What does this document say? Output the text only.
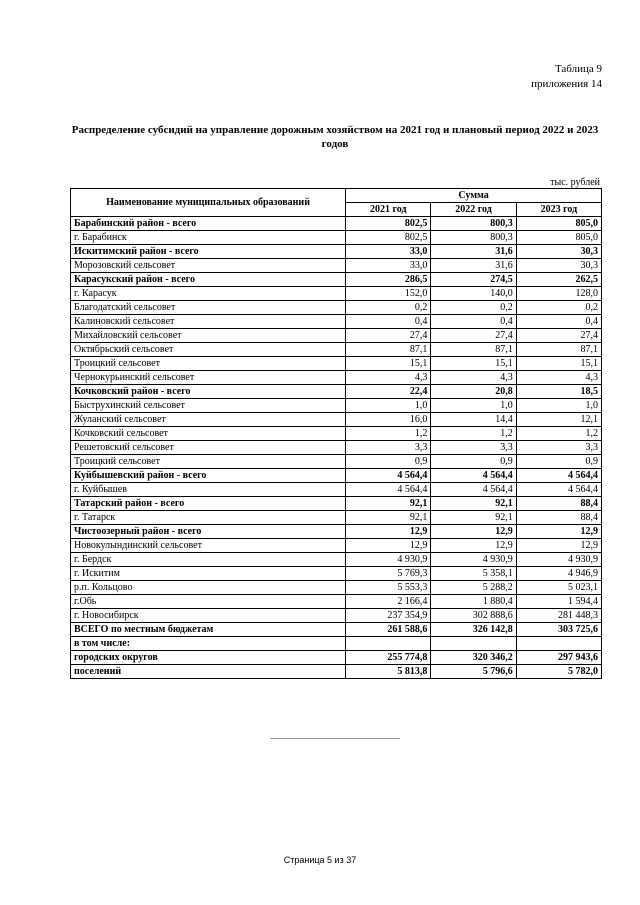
Таблица 9
приложения 14
Распределение субсидий на управление дорожным хозяйством на 2021 год и плановый период 2022 и 2023 годов
тыс. рублей
Наименование муниципальных образований	Сумма		
	2021 год	2022 год	2023 год
Барабинский район - всего	802,5	800,3	805,0
г. Барабинск	802,5	800,3	805,0
Искитимский район - всего	33,0	31,6	30,3
Морозовский сельсовет	33,0	31,6	30,3
Карасукский район - всего	286,5	274,5	262,5
г. Карасук	152,0	140,0	128,0
Благодатский сельсовет	0,2	0,2	0,2
Калиновский сельсовет	0,4	0,4	0,4
Михайловский сельсовет	27,4	27,4	27,4
Октябрьский сельсовет	87,1	87,1	87,1
Троицкий сельсовет	15,1	15,1	15,1
Чернокурьинский сельсовет	4,3	4,3	4,3
Кочковский район - всего	22,4	20,8	18,5
Быструхинский сельсовет	1,0	1,0	1,0
Жуланский сельсовет	16,0	14,4	12,1
Кочковский сельсовет	1,2	1,2	1,2
Решетовский сельсовет	3,3	3,3	3,3
Троицкий сельсовет	0,9	0,9	0,9
Куйбышевский район - всего	4 564,4	4 564,4	4 564,4
г. Куйбышев	4 564,4	4 564,4	4 564,4
Татарский район - всего	92,1	92,1	88,4
г. Татарск	92,1	92,1	88,4
Чистоозерный район - всего	12,9	12,9	12,9
Новокулындинский сельсовет	12,9	12,9	12,9
г. Бердск	4 930,9	4 930,9	4 930,9
г. Искитим	5 769,3	5 358,1	4 946,9
р.п. Кольцово	5 553,3	5 288,2	5 023,1
г.Обь	2 166,4	1 880,4	1 594,4
г. Новосибирск	237 354,9	302 888,6	281 448,3
ВСЕГО по местным бюджетам	261 588,6	326 142,8	303 725,6
в том числе:			
городских округов	255 774,8	320 346,2	297 943,6
поселений	5 813,8	5 796,6	5 782,0
Страница 5 из 37
